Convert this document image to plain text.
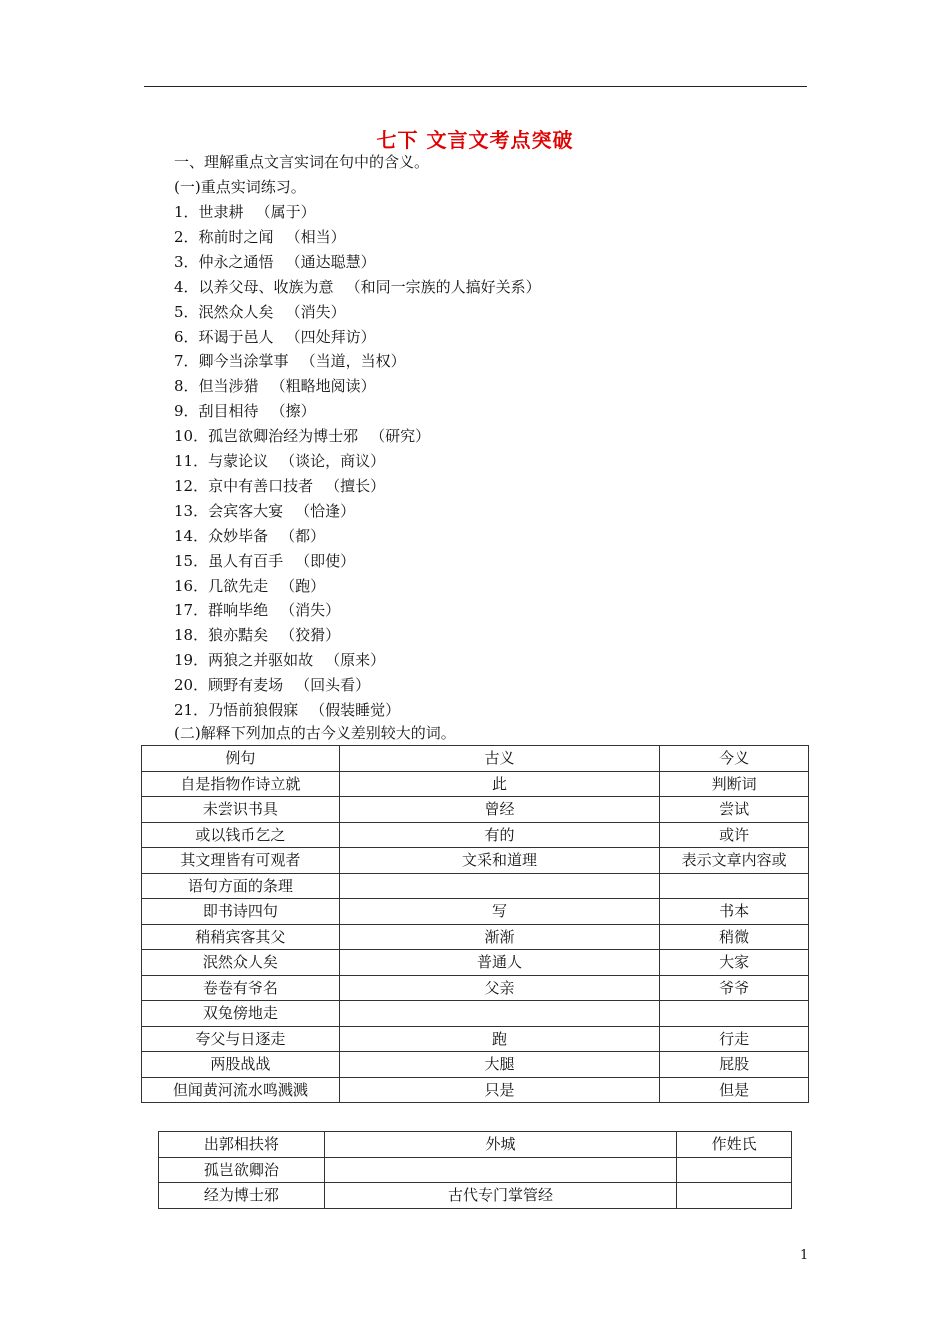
七下 文言文考点突破
一、理解重点文言实词在句中的含义。
(一)重点实词练习。
1．世隶耕 （属于）
2．称前时之闻 （相当）
3．仲永之通悟 （通达聪慧）
4．以养父母、收族为意 （和同一宗族的人搞好关系）
5．泯然众人矣 （消失）
6．环谒于邑人 （四处拜访）
7．卿今当涂掌事 （当道，当权）
8．但当涉猎 （粗略地阅读）
9．刮目相待 （擦）
10．孤岂欲卿治经为博士邪 （研究）
11．与蒙论议 （谈论，商议）
12．京中有善口技者 （擅长）
13．会宾客大宴 （恰逢）
14．众妙毕备 （都）
15．虽人有百手 （即使）
16．几欲先走 （跑）
17．群响毕绝 （消失）
18．狼亦黠矣 （狡猾）
19．两狼之并驱如故 （原来）
20．顾野有麦场 （回头看）
21．乃悟前狼假寐 （假装睡觉）
(二)解释下列加点的古今义差别较大的词。
例句	古义	今义
自是指物作诗立就	此	判断词
未尝识书具	曾经	尝试
或以钱币乞之	有的	或许
其文理皆有可观者	文采和道理	表示文章内容或
语句方面的条理		
即书诗四句	写	书本
稍稍宾客其父	渐渐	稍微
泯然众人矣	普通人	大家
卷卷有爷名	父亲	爷爷
双兔傍地走		
夸父与日逐走	跑	行走
两股战战	大腿	屁股
但闻黄河流水鸣溅溅	只是	但是
出郭相扶将	外城	作姓氏
孤岂欲卿治		
经为博士邪	古代专门掌管经	
1
